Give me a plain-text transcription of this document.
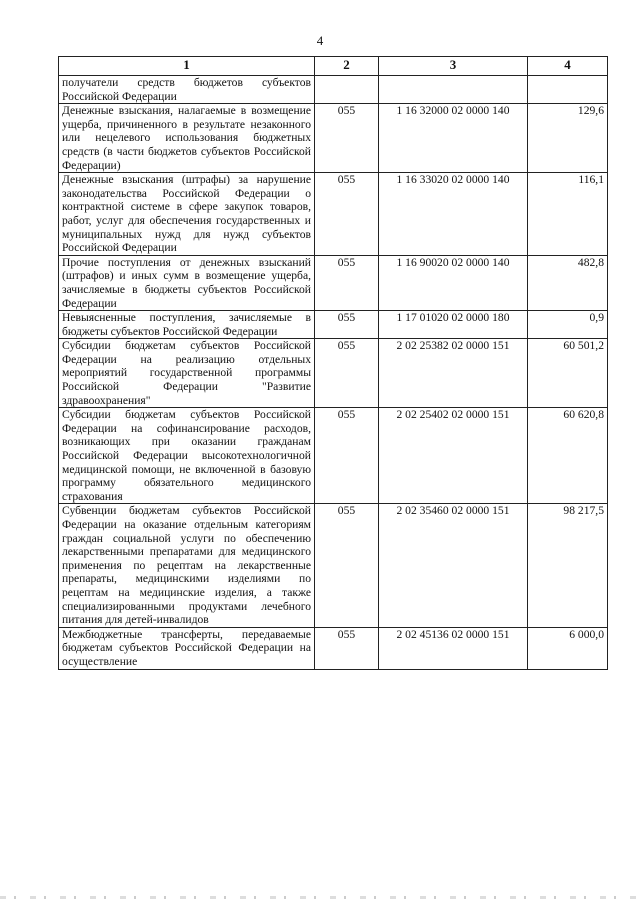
4
1	2	3	4
получатели средств бюджетов субъектов Российской Федерации			
Денежные взыскания, налагаемые в возмещение ущерба, причиненного в результате незаконного или нецелевого использования бюджетных средств (в части бюджетов субъектов Российской Федерации)	055	1 16 32000 02 0000 140	129,6
Денежные взыскания (штрафы) за нарушение законодательства Российской Федерации о контрактной системе в сфере закупок товаров, работ, услуг для обеспечения государственных и муниципальных нужд для нужд субъектов Российской Федерации	055	1 16 33020 02 0000 140	116,1
Прочие поступления от денежных взысканий (штрафов) и иных сумм в возмещение ущерба, зачисляемые в бюджеты субъектов Российской Федерации	055	1 16 90020 02 0000 140	482,8
Невыясненные поступления, зачисляемые в бюджеты субъектов Российской Федерации	055	1 17 01020 02 0000 180	0,9
Субсидии бюджетам субъектов Российской Федерации на реализацию отдельных мероприятий государственной программы Российской Федерации "Развитие здравоохранения"	055	2 02 25382 02 0000 151	60 501,2
Субсидии бюджетам субъектов Российской Федерации на софинансирование расходов, возникающих при оказании гражданам Российской Федерации высокотехнологичной медицинской помощи, не включенной в базовую программу обязательного медицинского страхования	055	2 02 25402 02 0000 151	60 620,8
Субвенции бюджетам субъектов Российской Федерации на оказание отдельным категориям граждан социальной услуги по обеспечению лекарственными препаратами для медицинского применения по рецептам на лекарственные препараты, медицинскими изделиями по рецептам на медицинские изделия, а также специализированными продуктами лечебного питания для детей-инвалидов	055	2 02 35460 02 0000 151	98 217,5
Межбюджетные трансферты, передаваемые бюджетам субъектов Российской Федерации на осуществление	055	2 02 45136 02 0000 151	6 000,0
